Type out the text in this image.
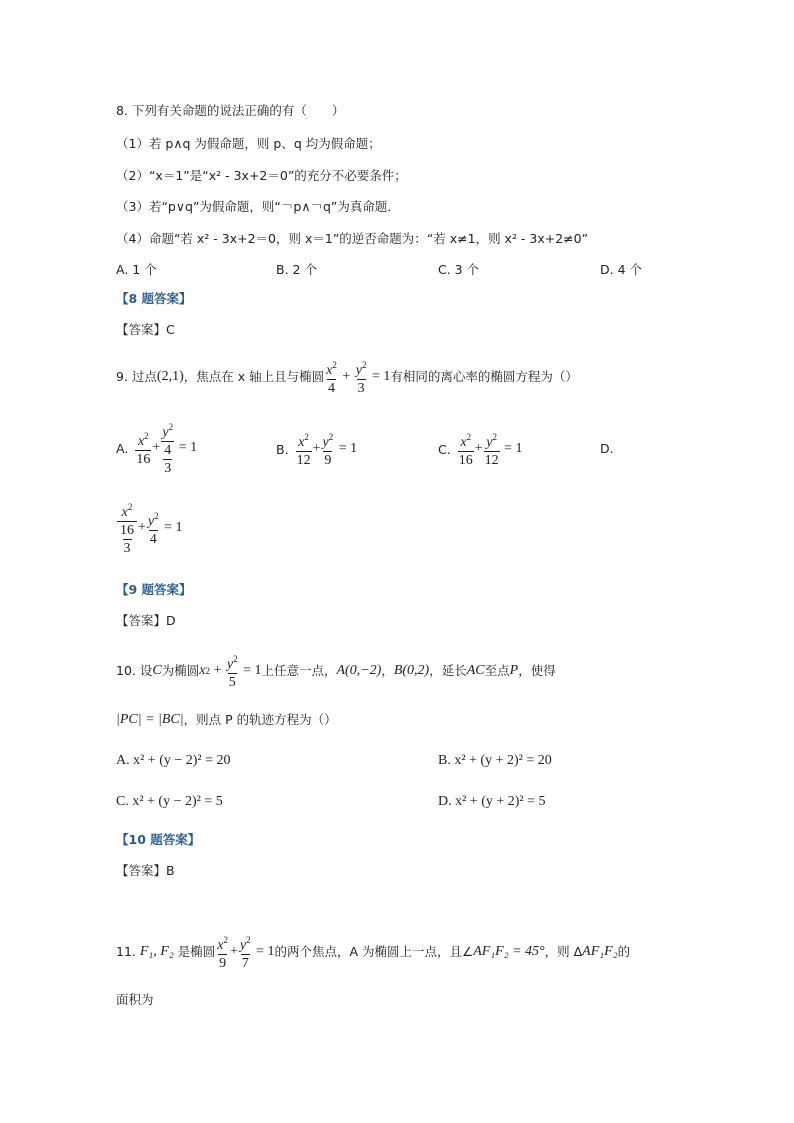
8. 下列有关命题的说法正确的有（　　）
（1）若 p∧q 为假命题，则 p、q 均为假命题；
（2）“x＝1”是“x² - 3x+2＝0”的充分不必要条件；
（3）若“p∨q”为假命题，则“￢p∧￢q”为真命题．
（4）命题“若 x² - 3x+2＝0，则 x＝1”的逆否命题为：“若 x≠1，则 x² - 3x+2≠0”
A. 1 个	B. 2 个	C. 3 个	D. 4 个
【8 题答案】
【答案】C
9. 过点 (2,1) ，焦点在 x 轴上且与椭圆 $\frac{x^2}{4} + \frac{y^2}{3} = 1$ 有相同的离心率的椭圆方程为（）
A. $\frac{x^2}{16} + \frac{y^2}{\frac{4}{3}} = 1$	B. $\frac{x^2}{12} + \frac{y^2}{9} = 1$	C. $\frac{x^2}{16} + \frac{y^2}{12} = 1$	D.
$\frac{x^2}{\frac{16}{3}} + \frac{y^2}{4} = 1$
【9 题答案】
【答案】D
10. 设 C 为椭圆 x $2 + \frac{y^2}{5} = 1$ 上任意一点， A(0,−2) ， B(0,2) ，延长 AC 至点 P ，使得
|PC| = |BC| ，则点 P 的轨迹方程为（）
A. x² + (y − 2)² = 20	B. x² + (y + 2)² = 20
C. x² + (y − 2)² = 5	D. x² + (y + 2)² = 5
【10 题答案】
【答案】B
11.
F₁, F₂
是椭圆 $\frac{x^2}{9} + \frac{y^2}{7} = 1$ 的两个焦点，A 为椭圆上一点，且∠ AF₁F₂ = 45° ，则 Δ AF₁F₂ 的
面积为
